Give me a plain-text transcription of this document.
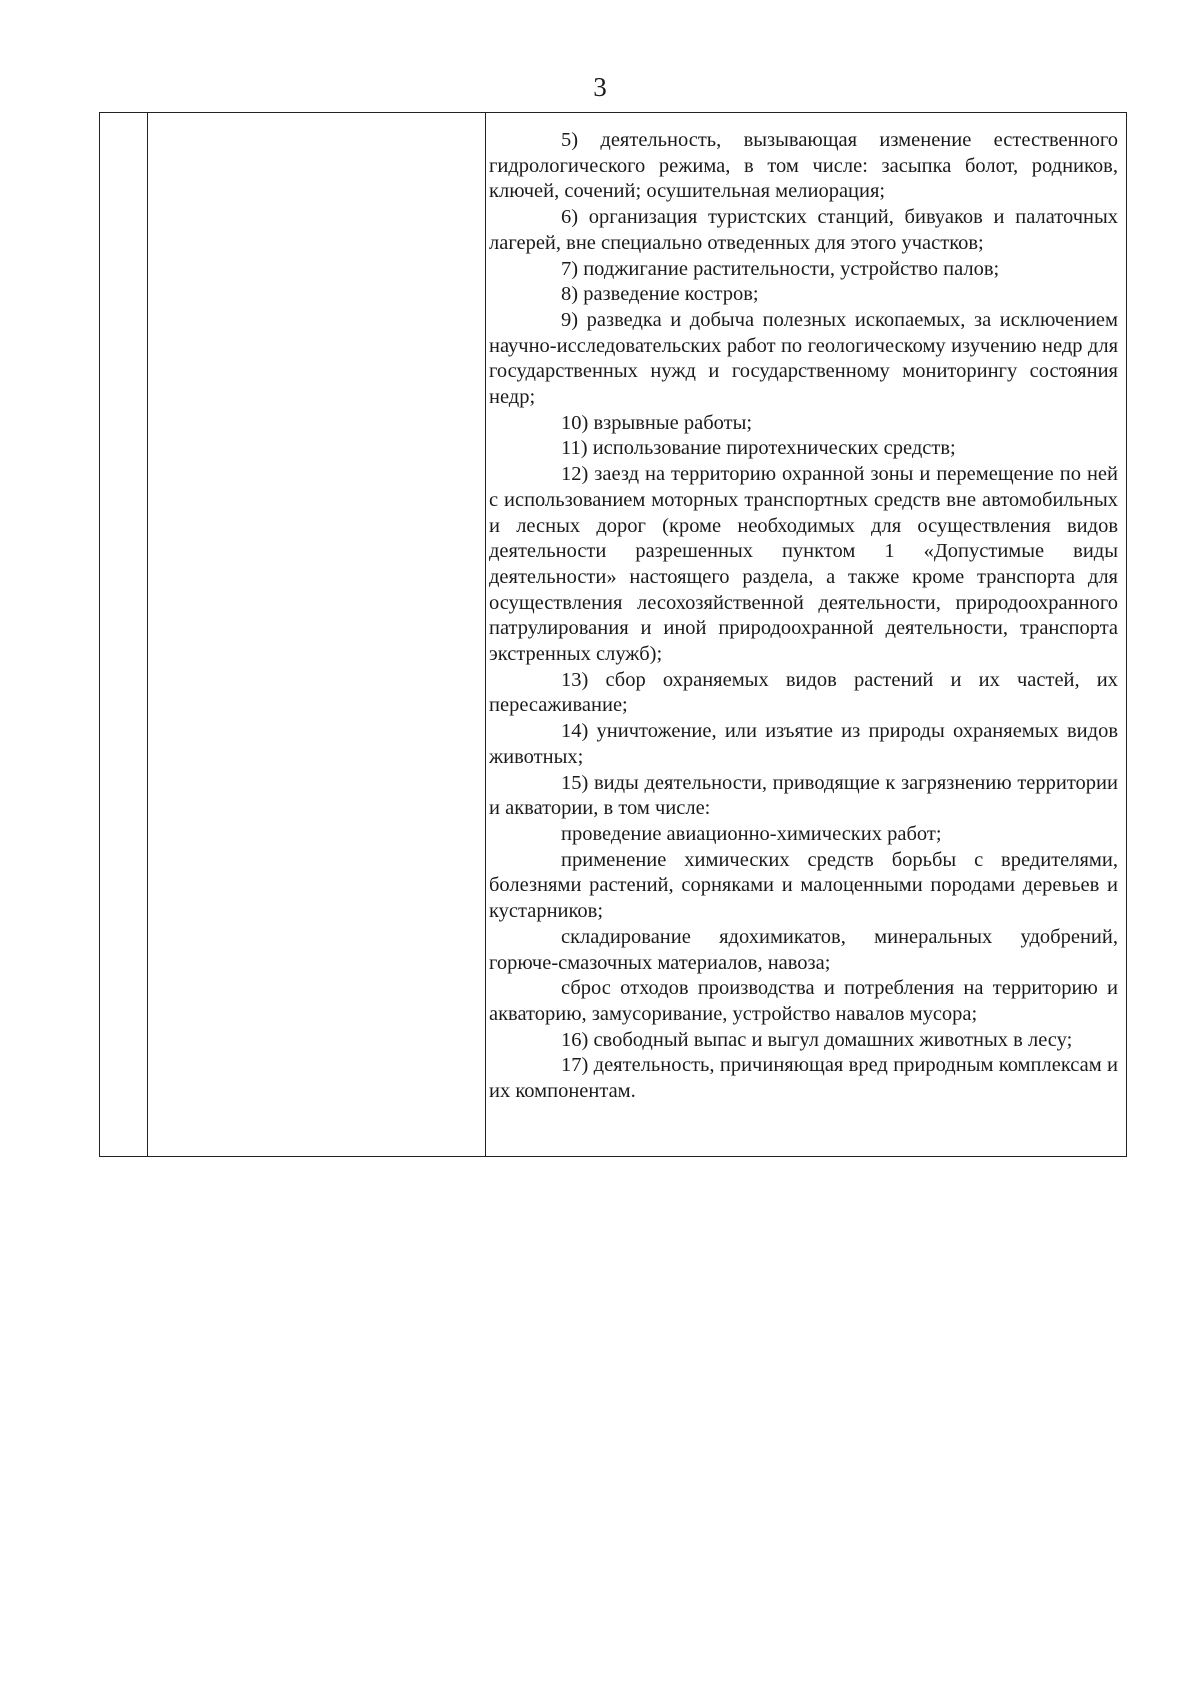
3

5) деятельность, вызывающая изменение естественного гидрологического режима, в том числе: засыпка болот, родников, ключей, сочений; осушительная мелиорация;

6) организация туристских станций, бивуаков и палаточных лагерей, вне специально отведенных для этого участков;

7) поджигание растительности, устройство палов;

8) разведение костров;

9) разведка и добыча полезных ископаемых, за исключением научно-исследовательских работ по геологическому изучению недр для государственных нужд и государственному мониторингу состояния недр;

10) взрывные работы;

11) использование пиротехнических средств;

12) заезд на территорию охранной зоны и перемещение по ней с использованием моторных транспортных средств вне автомобильных и лесных дорог (кроме необходимых для осуществления видов деятельности разрешенных пунктом 1 «Допустимые виды деятельности» настоящего раздела, а также кроме транспорта для осуществления лесохозяйственной деятельности, природоохранного патрулирования и иной природоохранной деятельности, транспорта экстренных служб);

13) сбор охраняемых видов растений и их частей, их пересаживание;

14) уничтожение, или изъятие из природы охраняемых видов животных;

15) виды деятельности, приводящие к загрязнению территории и акватории, в том числе:

проведение авиационно-химических работ;

применение химических средств борьбы с вредителями, болезнями растений, сорняками и малоценными породами деревьев и кустарников;

складирование ядохимикатов, минеральных удобрений, горюче-смазочных материалов, навоза;

сброс отходов производства и потребления на территорию и акваторию, замусоривание, устройство навалов мусора;

16) свободный выпас и выгул домашних животных в лесу;

17) деятельность, причиняющая вред природным комплексам и их компонентам.
